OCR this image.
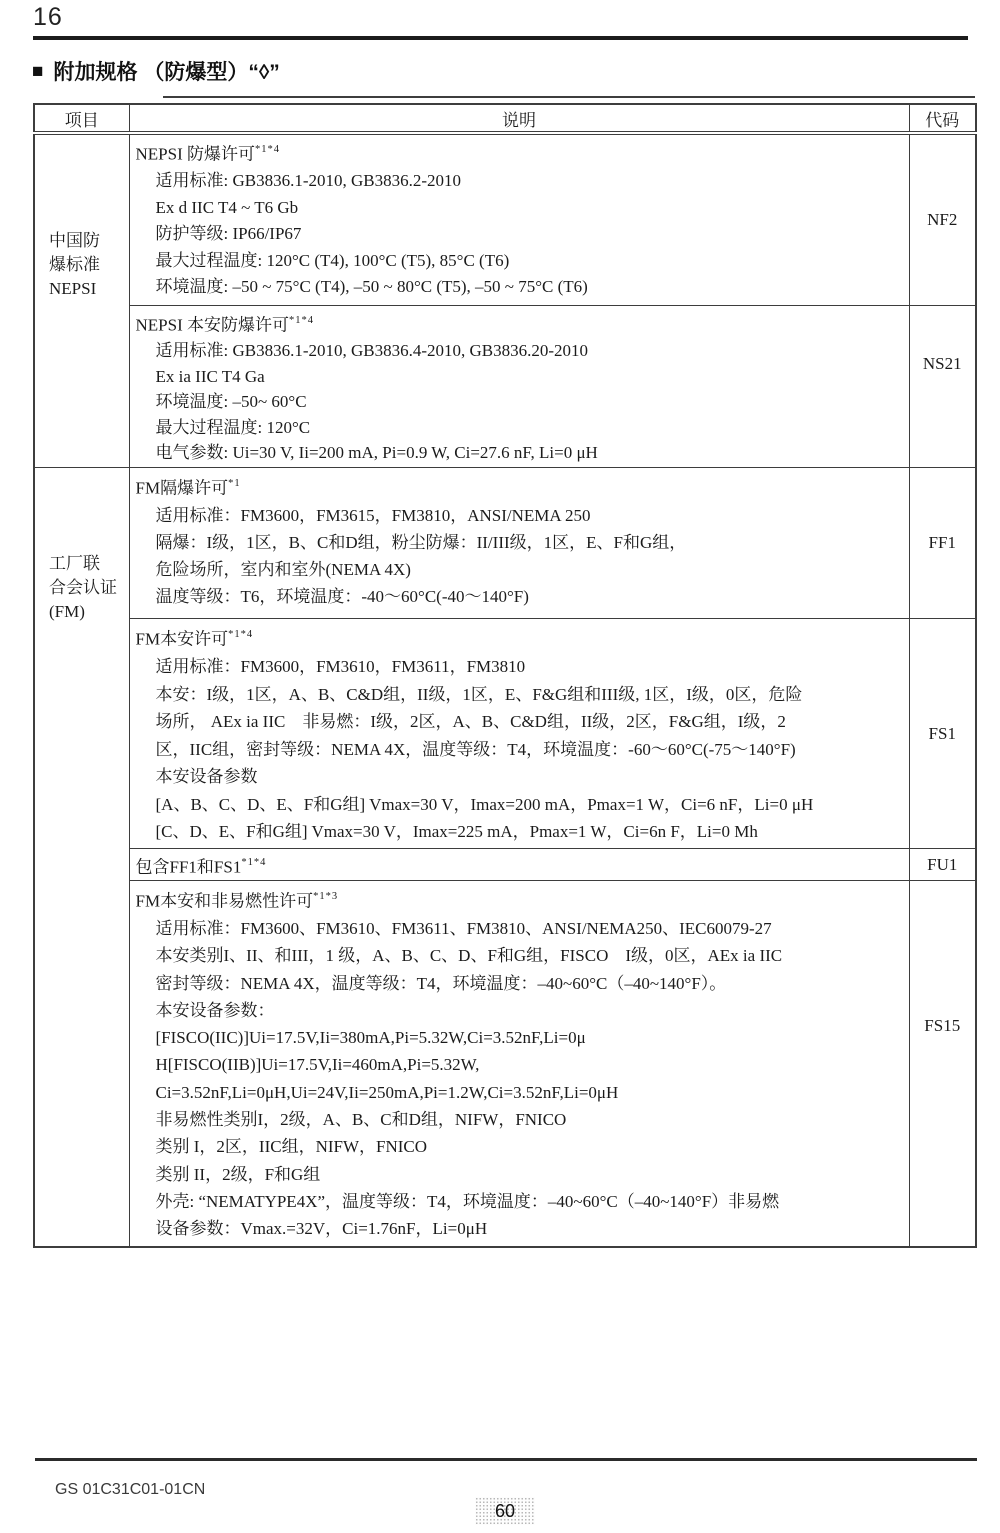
16
■ 附加规格 （防爆型）“◊”
项目	说明	代码

中国防
爆标准
NEPSI

NEPSI 防爆许可$^{*1*4}$
适用标准: GB3836.1-2010, GB3836.2-2010
Ex d IIC T4 ~ T6 Gb
防护等级: IP66/IP67
最大过程温度: 120°C (T4), 100°C (T5), 85°C (T6)
环境温度: –50 ~ 75°C (T4), –50 ~ 80°C (T5), –50 ~ 75°C (T6)
	NF2

NEPSI 本安防爆许可$^{*1*4}$
适用标准: GB3836.1-2010, GB3836.4-2010, GB3836.20-2010
Ex ia IIC T4 Ga
环境温度: –50~ 60°C
最大过程温度: 120°C
电气参数: Ui=30 V, Ii=200 mA, Pi=0.9 W, Ci=27.6 nF, Li=0 μH
	NS21

工厂联
合会认证
(FM)

FM隔爆许可$^{*1}$
适用标准：FM3600，FM3615，FM3810，ANSI/NEMA 250
隔爆：I级，1区，B、C和D组，粉尘防爆：II/III级，1区，E、F和G组，
危险场所，室内和室外(NEMA 4X)
温度等级：T6，环境温度：-40～60°C(-40～140°F)
	FF1

FM本安许可$^{*1*4}$
适用标准：FM3600，FM3610，FM3611，FM3810
本安：I级，1区，A、B、C&D组，II级，1区，E、F&G组和III级, 1区，I级，0区，危险
场所， AEx ia IIC　非易燃：I级，2区，A、B、C&D组，II级，2区，F&G组，I级，2
区，IIC组，密封等级：NEMA 4X，温度等级：T4，环境温度：-60～60°C(-75～140°F)
本安设备参数
[A、B、C、D、E、F和G组] Vmax=30 V，Imax=200 mA，Pmax=1 W，Ci=6 nF，Li=0 μH
[C、D、E、F和G组] Vmax=30 V，Imax=225 mA，Pmax=1 W，Ci=6n F，Li=0 Mh
	FS1

	包含FF1和$FS1^{*1*4}$	FU1

FM本安和非易燃性许可$^{*1*3}$
适用标准：FM3600、FM3610、FM3611、FM3810、ANSI/NEMA250、IEC60079-27
本安类别I、II、和III，1 级，A、B、C、D、F和G组，FISCO　I级，0区，AEx ia IIC
密封等级：NEMA 4X，温度等级：T4，环境温度：–40~60°C（–40~140°F）。
本安设备参数：
[FISCO(IIC)]Ui=17.5V,Ii=380mA,Pi=5.32W,Ci=3.52nF,Li=0μ
H[FISCO(IIB)]Ui=17.5V,Ii=460mA,Pi=5.32W,
Ci=3.52nF,Li=0μH,Ui=24V,Ii=250mA,Pi=1.2W,Ci=3.52nF,Li=0μH
非易燃性类别I，2级，A、B、C和D组，NIFW，FNICO
类别 I，2区，IIC组，NIFW，FNICO
类别 II，2级，F和G组
外壳: “NEMATYPE4X”，温度等级：T4，环境温度：–40~60°C（–40~140°F）非易燃
设备参数：Vmax.=32V，Ci=1.76nF，Li=0μH
	FS15
GS 01C31C01-01CN
60
